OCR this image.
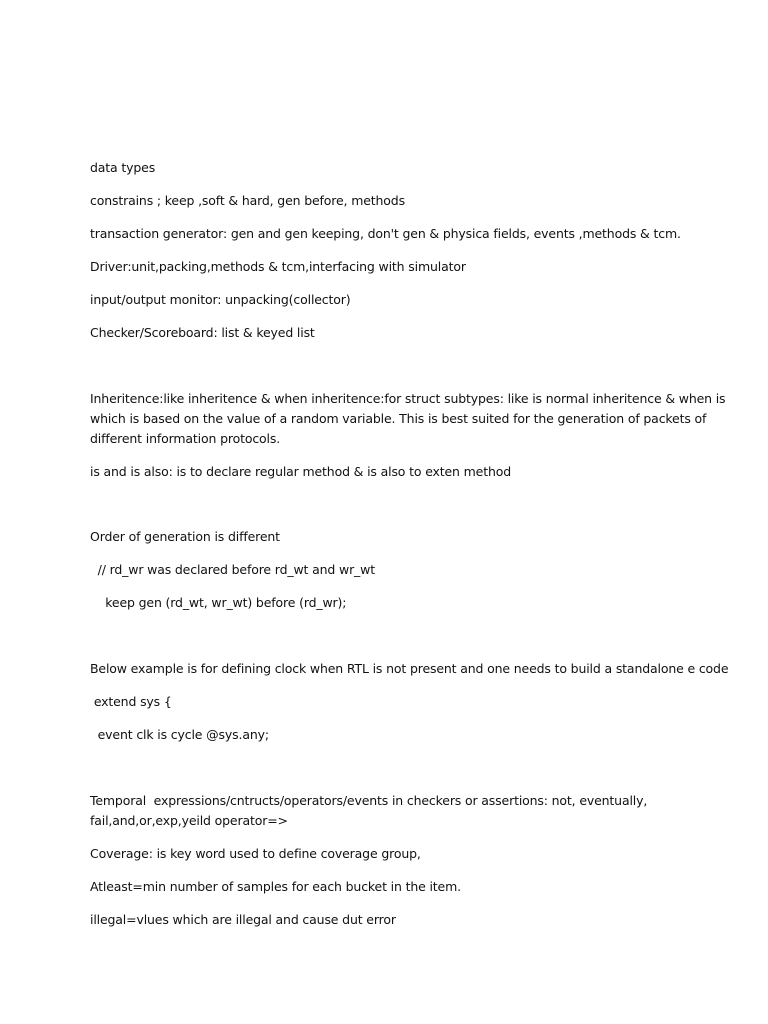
data types
constrains ; keep ,soft & hard, gen before, methods
transaction generator: gen and gen keeping, don't gen & physica fields, events ,methods & tcm.
Driver:unit,packing,methods & tcm,interfacing with simulator
input/output monitor: unpacking(collector)
Checker/Scoreboard: list & keyed list
Inheritence:like inheritence & when inheritence:for struct subtypes: like is normal inheritence & when is
which is based on the value of a random variable. This is best suited for the generation of packets of
different information protocols.
is and is also: is to declare regular method & is also to exten method
Order of generation is different
// rd_wr was declared before rd_wt and wr_wt
keep gen (rd_wt, wr_wt) before (rd_wr);
Below example is for defining clock when RTL is not present and one needs to build a standalone e code
extend sys {
event clk is cycle @sys.any;
Temporal  expressions/cntructs/operators/events in checkers or assertions: not, eventually,
fail,and,or,exp,yeild operator=>
Coverage: is key word used to define coverage group,
Atleast=min number of samples for each bucket in the item.
illegal=vlues which are illegal and cause dut error
